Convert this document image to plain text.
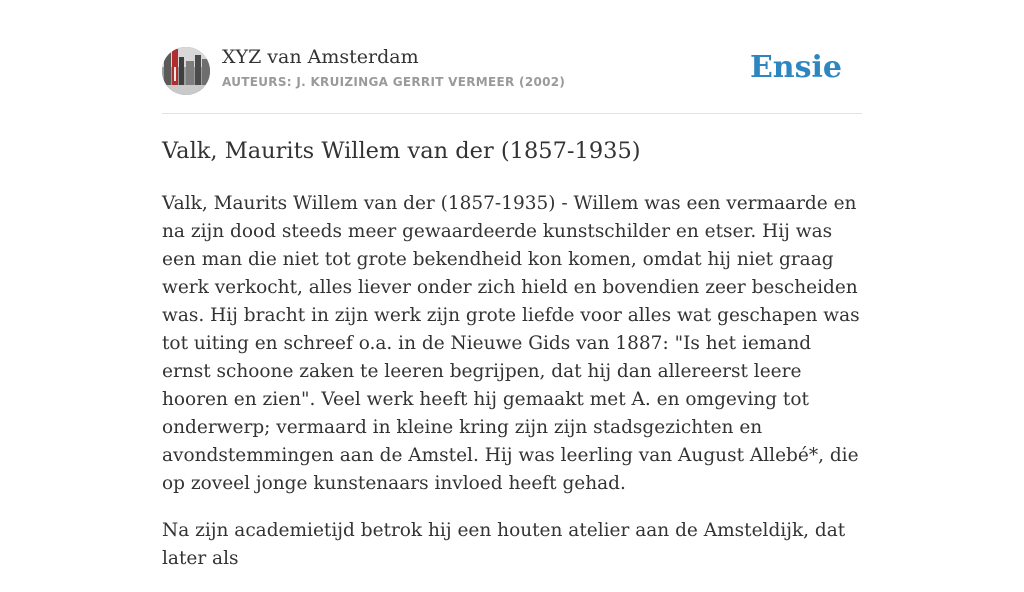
XYZ van Amsterdam
AUTEURS: J. KRUIZINGA GERRIT VERMEER (2002)	Ensie
Valk, Maurits Willem van der (1857-1935)

Valk, Maurits Willem van der (1857-1935) - Willem was een vermaarde en na zijn dood steeds meer gewaardeerde kunstschilder en etser. Hij was een man die niet tot grote bekendheid kon komen, omdat hij niet graag werk verkocht, alles liever onder zich hield en bovendien zeer bescheiden was. Hij bracht in zijn werk zijn grote liefde voor alles wat geschapen was tot uiting en schreef o.a. in de Nieuwe Gids van 1887: "Is het iemand ernst schoone zaken te leeren begrijpen, dat hij dan allereerst leere hooren en zien". Veel werk heeft hij gemaakt met A. en omgeving tot onderwerp; vermaard in kleine kring zijn zijn stadsgezichten en avondstemmingen aan de Amstel. Hij was leerling van August Allebé*, die op zoveel jonge kunstenaars invloed heeft gehad.

Na zijn academietijd betrok hij een houten atelier aan de Amsteldijk, dat later als
